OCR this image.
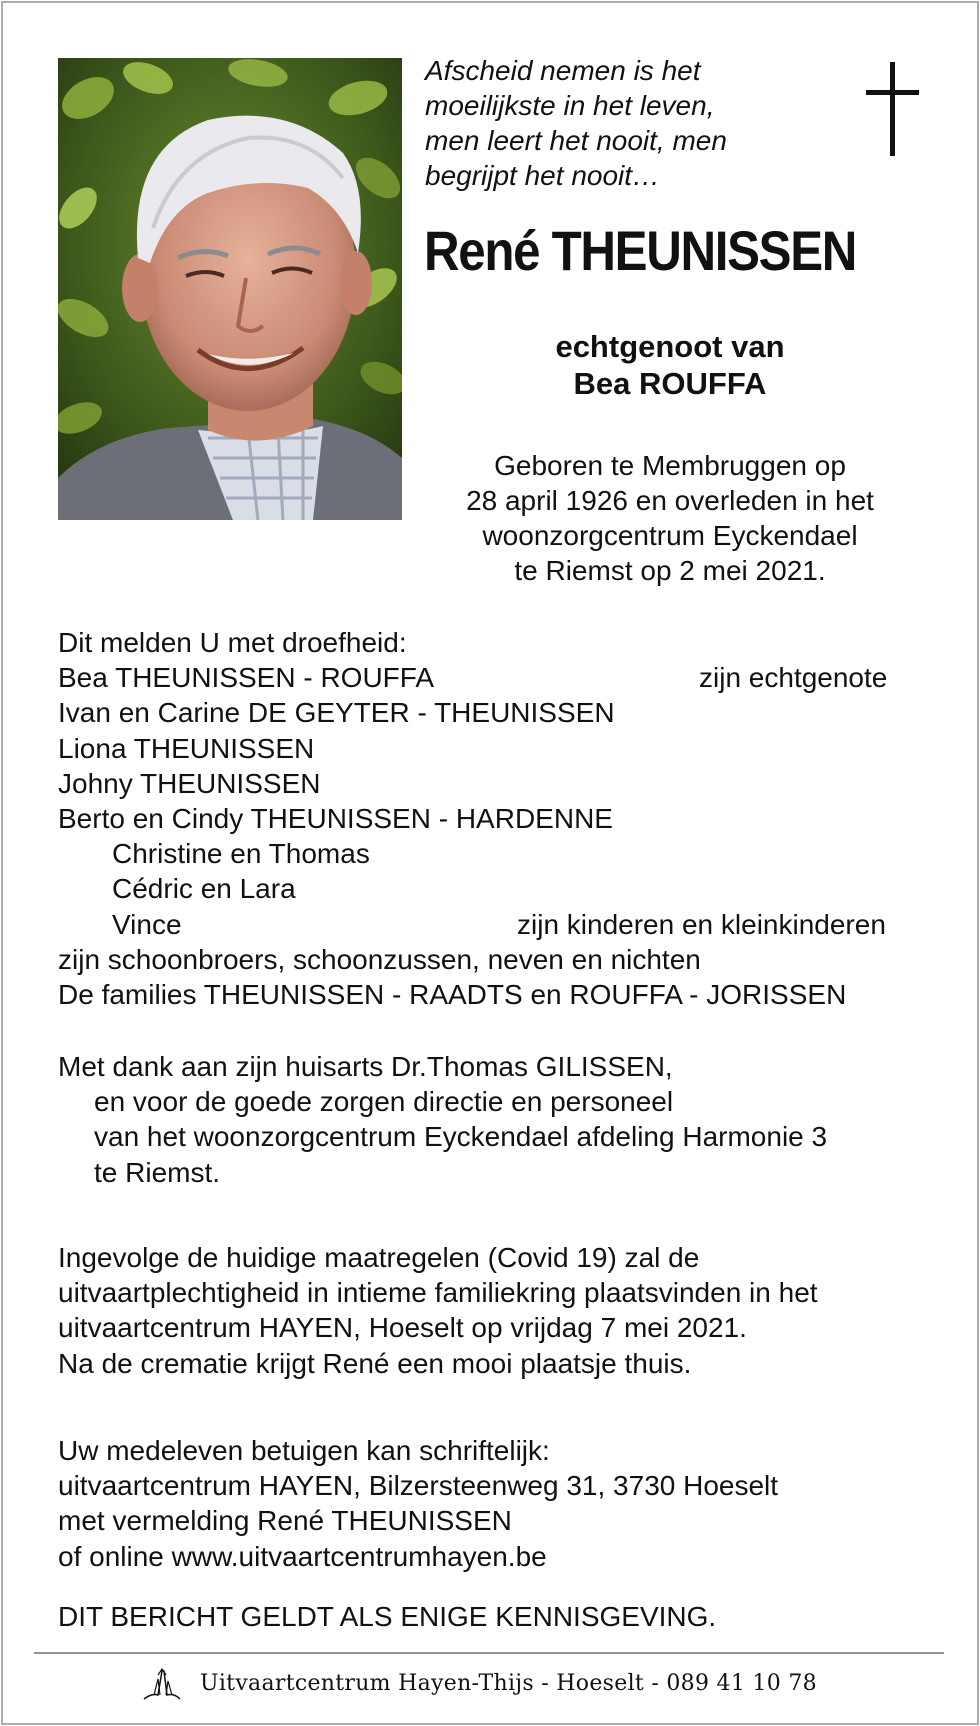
Afscheid nemen is het
moeilijkste in het leven,
men leert het nooit, men
begrijpt het nooit…
René THEUNISSEN
echtgenoot van
Bea ROUFFA
Geboren te Membruggen op
28 april 1926 en overleden in het
woonzorgcentrum Eyckendael
te Riemst op 2 mei 2021.
Dit melden U met droefheid:
Bea THEUNISSEN - ROUFFA	zijn echtgenote
Ivan en Carine DE GEYTER - THEUNISSEN
Liona THEUNISSEN
Johny THEUNISSEN
Berto en Cindy THEUNISSEN - HARDENNE
Christine en Thomas
Cédric en Lara
Vince	zijn kinderen en kleinkinderen
zijn schoonbroers, schoonzussen, neven en nichten
De families THEUNISSEN - RAADTS en ROUFFA - JORISSEN
Met dank aan zijn huisarts Dr.Thomas GILISSEN,
en voor de goede zorgen directie en personeel
van het woonzorgcentrum Eyckendael afdeling Harmonie 3
te Riemst.
Ingevolge de huidige maatregelen (Covid 19) zal de
uitvaartplechtigheid in intieme familiekring plaatsvinden in het
uitvaartcentrum HAYEN, Hoeselt op vrijdag 7 mei 2021.
Na de crematie krijgt René een mooi plaatsje thuis.
Uw medeleven betuigen kan schriftelijk:
uitvaartcentrum HAYEN, Bilzersteenweg 31, 3730 Hoeselt
met vermelding René THEUNISSEN
of online www.uitvaartcentrumhayen.be
DIT BERICHT GELDT ALS ENIGE KENNISGEVING.
Uitvaartcentrum Hayen-Thijs - Hoeselt - 089 41 10 78
